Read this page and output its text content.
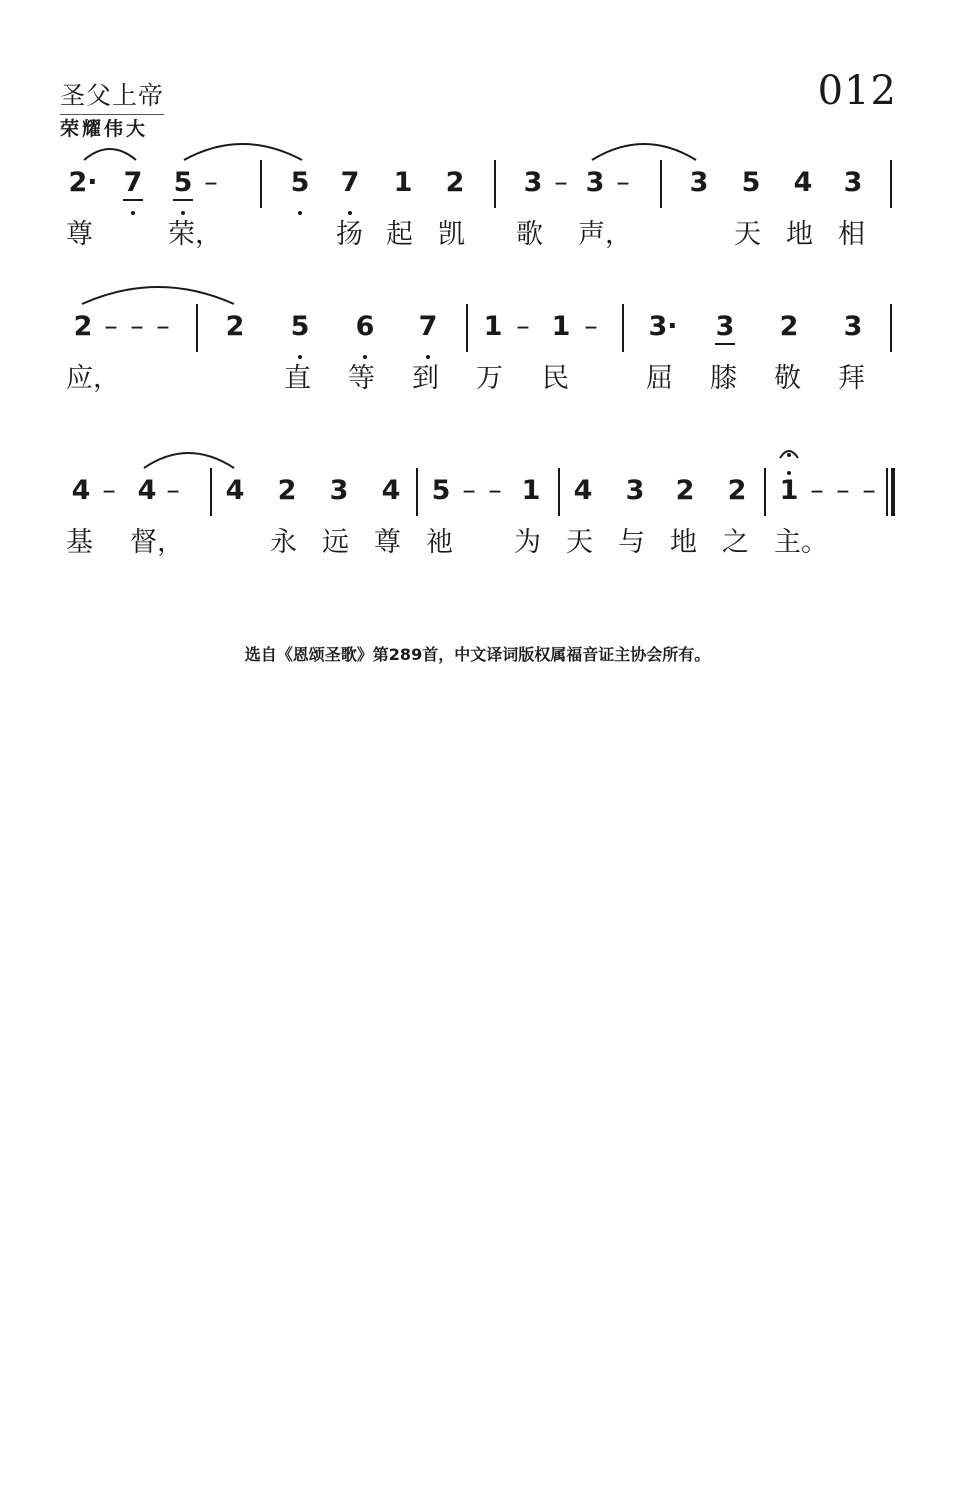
圣父上帝
荣耀伟大
012
2· 7 5 –	5 7 1 2 3 – 3 –	3 5 4 3
尊	荣，	扬 起 凯 歌 声，	天 地 相
2 – – –	2 5 6 7 1 – 1 –	3· 3 2 3
应，	直 等 到 万 民	屈 膝 敬 拜
4 – 4 –	4 2 3 4 5 – – 1 4 3 2 2 1 – – –
基 督，	永 远 尊 祂 为 天 与 地 之 主。
选自《恩颂圣歌》第289首，中文译词版权属福音证主协会所有。
